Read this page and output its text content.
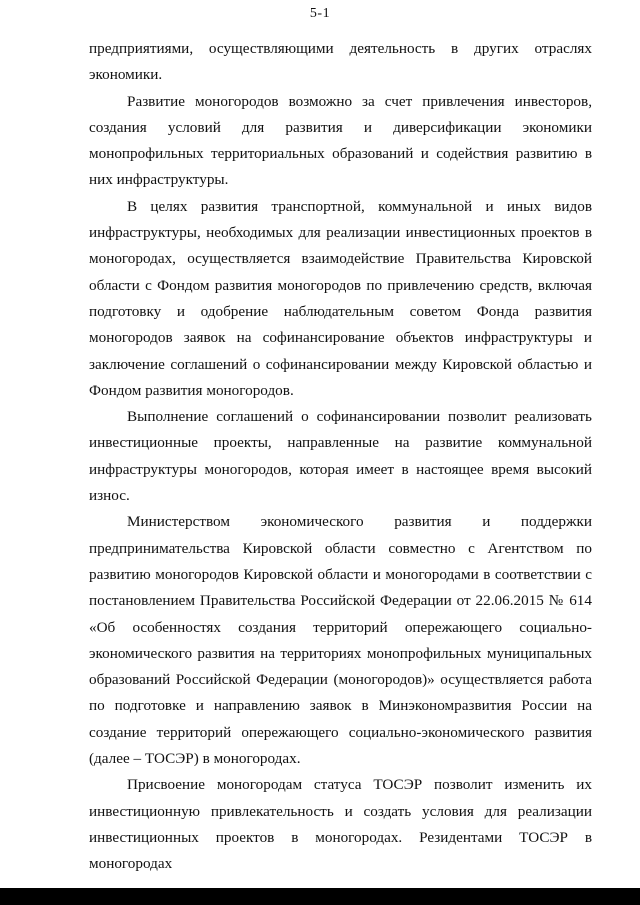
5-1

предприятиями, осуществляющими деятельность в других отраслях экономики.

Развитие моногородов возможно за счет привлечения инвесторов, создания условий для развития и диверсификации экономики монопрофильных территориальных образований и содействия развитию в них инфраструктуры.

В целях развития транспортной, коммунальной и иных видов инфраструктуры, необходимых для реализации инвестиционных проектов в моногородах, осуществляется взаимодействие Правительства Кировской области с Фондом развития моногородов по привлечению средств, включая подготовку и одобрение наблюдательным советом Фонда развития моногородов заявок на софинансирование объектов инфраструктуры и заключение соглашений о софинансировании между Кировской областью и Фондом развития моногородов.

Выполнение соглашений о софинансировании позволит реализовать инвестиционные проекты, направленные на развитие коммунальной инфраструктуры моногородов, которая имеет в настоящее время высокий износ.

Министерством экономического развития и поддержки предпринимательства Кировской области совместно с Агентством по развитию моногородов Кировской области и моногородами в соответствии с постановлением Правительства Российской Федерации от 22.06.2015 № 614 «Об особенностях создания территорий опережающего социально-экономического развития на территориях монопрофильных муниципальных образований Российской Федерации (моногородов)» осуществляется работа по подготовке и направлению заявок в Минэкономразвития России на создание территорий опережающего социально-экономического развития (далее – ТОСЭР) в моногородах.

Присвоение моногородам статуса ТОСЭР позволит изменить их инвестиционную привлекательность и создать условия для реализации инвестиционных проектов в моногородах. Резидентами ТОСЭР в моногородах
